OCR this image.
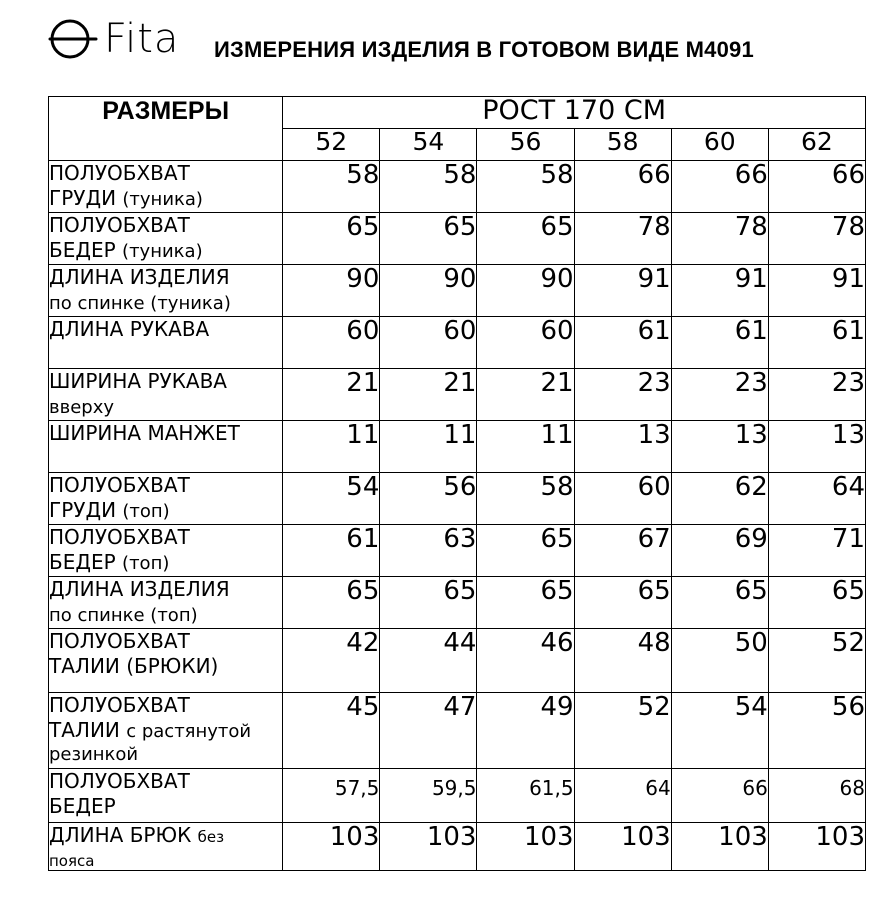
Fita ИЗМЕРЕНИЯ ИЗДЕЛИЯ В ГОТОВОМ ВИДЕ М4091
РАЗМЕРЫ	РОСТ 170 СМ					
	52	54	56	58	60	62

ПОЛУОБХВАТ
ГРУДИ (туника)	58	58	58	66	66	66

ПОЛУОБХВАТ
БЕДЕР (туника)	65	65	65	78	78	78

ДЛИНА ИЗДЕЛИЯ
по спинке (туника)	90	90	90	91	91	91

ДЛИНА РУКАВА	60	60	60	61	61	61

ШИРИНА РУКАВА
вверху	21	21	21	23	23	23

ШИРИНА МАНЖЕТ	11	11	11	13	13	13

ПОЛУОБХВАТ
ГРУДИ (топ)	54	56	58	60	62	64

ПОЛУОБХВАТ
БЕДЕР (топ)	61	63	65	67	69	71

ДЛИНА ИЗДЕЛИЯ
по спинке (топ)	65	65	65	65	65	65

ПОЛУОБХВАТ
ТАЛИИ (БРЮКИ)	42	44	46	48	50	52

ПОЛУОБХВАТ
ТАЛИИ с растянутой
резинкой	45	47	49	52	54	56

ПОЛУОБХВАТ
БЕДЕР	57,5	59,5	61,5	64	66	68

ДЛИНА БРЮК без
пояса	103	103	103	103	103	103
